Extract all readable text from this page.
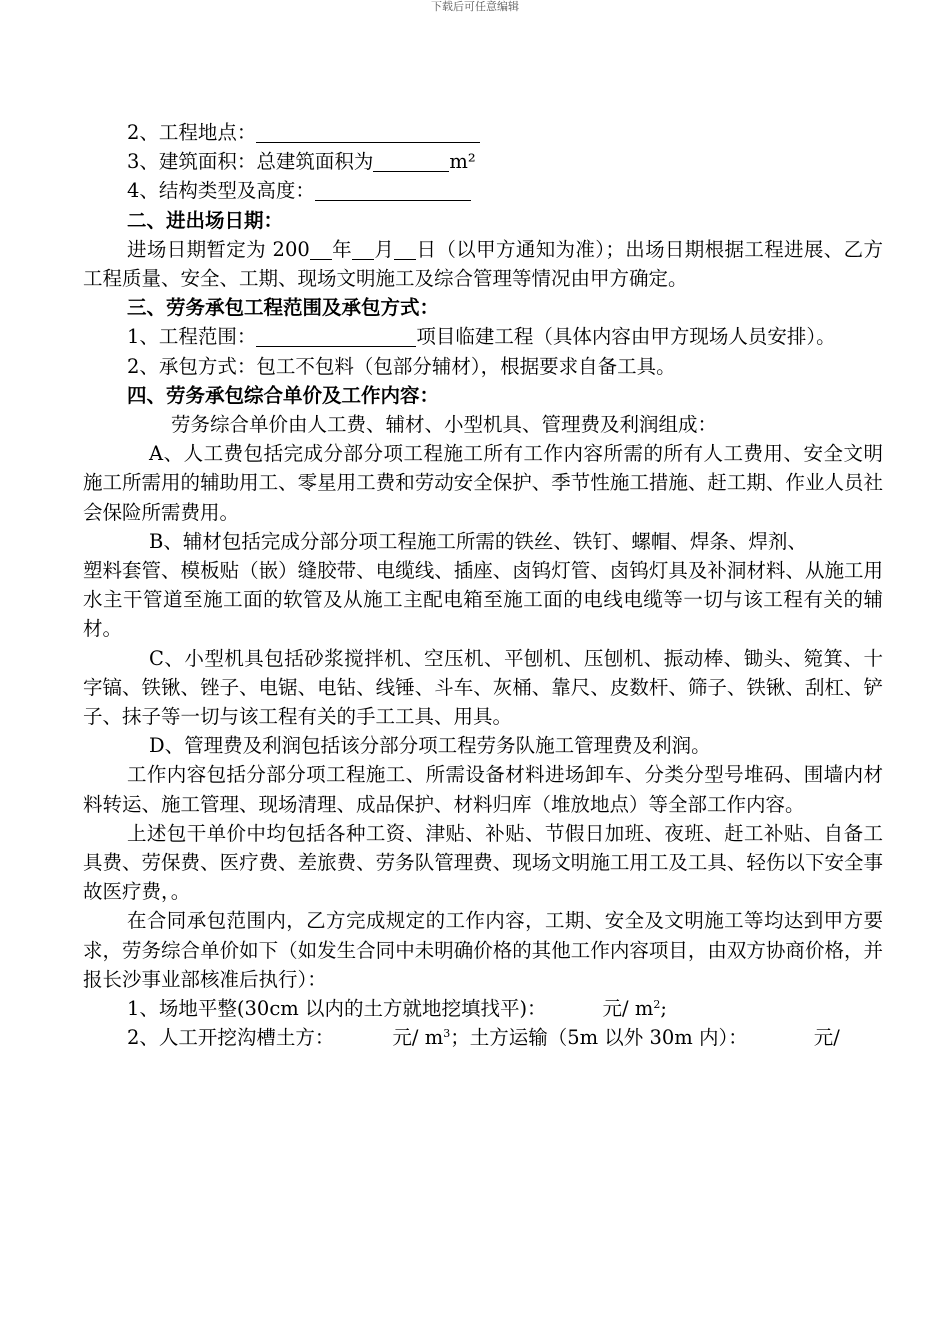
下载后可任意编辑

2、工程地点：

3、建筑面积：总建筑面积为	m²

4、结构类型及高度：

二、进出场日期：

进场日期暂定为 200 年 月 日（以甲方通知为准）；出场日期根据工程进展、乙方工程质量、安全、工期、现场文明施工及综合管理等情况由甲方确定。

三、劳务承包工程范围及承包方式：

1、工程范围：	项目临建工程（具体内容由甲方现场人员安排）。

2、承包方式：包工不包料（包部分辅材），根据要求自备工具。

四、劳务承包综合单价及工作内容：

劳务综合单价由人工费、辅材、小型机具、管理费及利润组成：

A、人工费包括完成分部分项工程施工所有工作内容所需的所有人工费用、安全文明施工所需用的辅助用工、零星用工费和劳动安全保护、季节性施工措施、赶工期、作业人员社会保险所需费用。

B、辅材包括完成分部分项工程施工所需的铁丝、铁钉、螺帽、焊条、焊剂、

塑料套管、模板贴（嵌）缝胶带、电缆线、插座、卤钨灯管、卤钨灯具及补洞材料、从施工用水主干管道至施工面的软管及从施工主配电箱至施工面的电线电缆等一切与该工程有关的辅材。

C、小型机具包括砂浆搅拌机、空压机、平刨机、压刨机、振动棒、锄头、箢箕、十字镐、铁锹、锉子、电锯、电钻、线锤、斗车、灰桶、靠尺、皮数杆、筛子、铁锹、刮杠、铲子、抹子等一切与该工程有关的手工工具、用具。

D、管理费及利润包括该分部分项工程劳务队施工管理费及利润。

工作内容包括分部分项工程施工、所需设备材料进场卸车、分类分型号堆码、围墙内材料转运、施工管理、现场清理、成品保护、材料归库（堆放地点）等全部工作内容。

上述包干单价中均包括各种工资、津贴、补贴、节假日加班、夜班、赶工补贴、自备工具费、劳保费、医疗费、差旅费、劳务队管理费、现场文明施工用工及工具、轻伤以下安全事故医疗费，。

在合同承包范围内，乙方完成规定的工作内容，工期、安全及文明施工等均达到甲方要求，劳务综合单价如下（如发生合同中未明确价格的其他工作内容项目，由双方协商价格，并报长沙事业部核准后执行）：

1、场地平整(30cm 以内的土方就地挖填找平)：	元/ $m^2$;

2、人工开挖沟槽土方：	元/ $m^3$；土方运输（5m 以外 30m 内）：	元/
